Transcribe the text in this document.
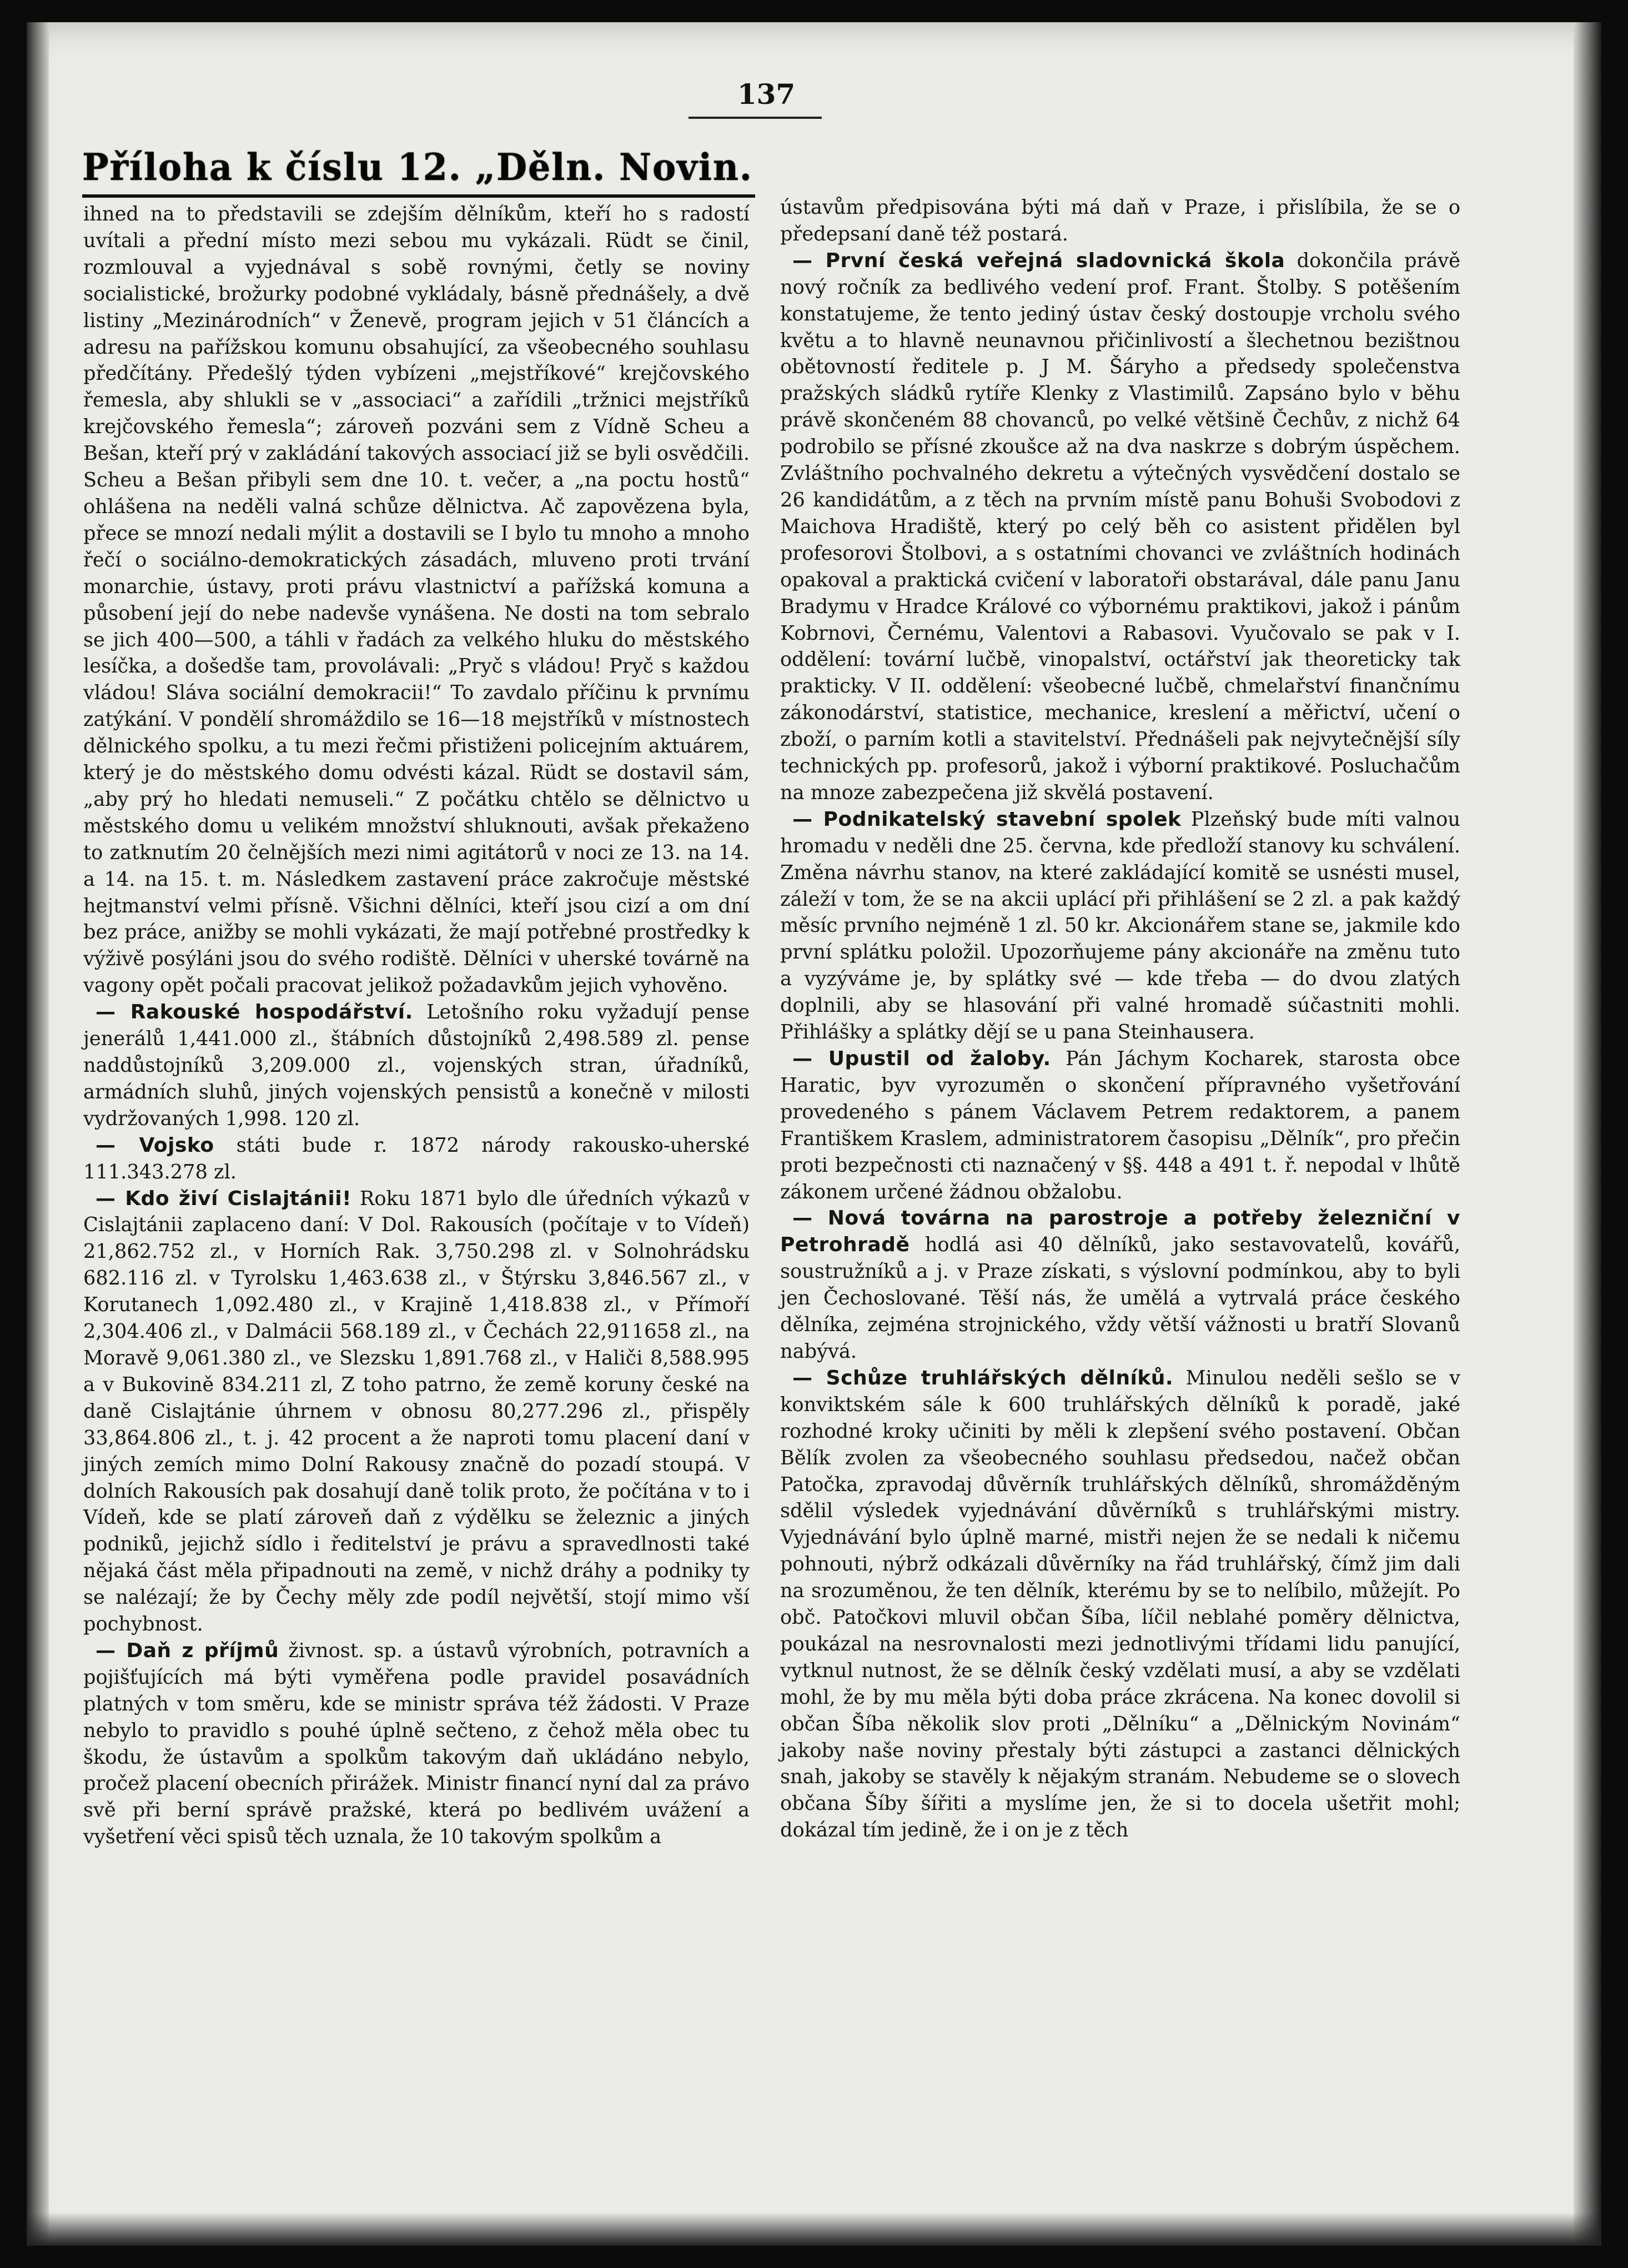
137
Příloha k číslu 12. „Děln. Novin.

ihned na to představili se zdejším dělníkům, kteří ho s radostí uvítali a přední místo mezi sebou mu vykázali. Rüdt se činil, rozmlouval a vyjednával s sobě rovnými, četly se noviny socialistické, brožurky podobné vykládaly, básně přednášely, a dvě listiny „Mezinárodních“ v Ženevě, program jejich v 51 článcích a adresu na pařížskou komunu obsahující, za všeobecného souhlasu předčítány. Předešlý týden vybízeni „mejstříkové“ krejčovského řemesla, aby shlukli se v „associaci“ a zařídili „tržnici mejstříků krejčovského řemesla“; zároveň pozváni sem z Vídně Scheu a Bešan, kteří prý v zakládání takových associací již se byli osvědčili. Scheu a Bešan přibyli sem dne 10. t. večer, a „na poctu hostů“ ohlášena na neděli valná schůze dělnictva. Ač zapovězena byla, přece se mnozí nedali mýlit a dostavili se I bylo tu mnoho a mnoho řečí o sociálno-demokratických zásadách, mluveno proti trvání monarchie, ústavy, proti právu vlastnictví a pařížská komuna a působení její do nebe nadevše vynášena. Ne dosti na tom sebralo se jich 400—500, a táhli v řadách za velkého hluku do městského lesíčka, a došedše tam, provolávali: „Pryč s vládou! Pryč s každou vládou! Sláva sociální demokracii!“ To zavdalo příčinu k prvnímu zatýkání. V pondělí shromáždilo se 16—18 mejstříků v místnostech dělnického spolku, a tu mezi řečmi přistiženi policejním aktuárem, který je do městského domu odvésti kázal. Rüdt se dostavil sám, „aby prý ho hledati nemuseli.“ Z počátku chtělo se dělnictvo u městského domu u velikém množství shluknouti, avšak překaženo to zatknutím 20 čelnějších mezi nimi agitátorů v noci ze 13. na 14. a 14. na 15. t. m. Následkem zastavení práce zakročuje městské hejtmanství velmi přísně. Všichni dělníci, kteří jsou cizí a om dní bez práce, anižby se mohli vykázati, že mají potřebné prostředky k výživě posýláni jsou do svého rodiště. Dělníci v uherské továrně na vagony opět počali pracovat jelikož požadavkům jejich vyhověno.

— Rakouské hospodářství. Letošního roku vyžadují pense jenerálů 1,441.000 zl., štábních důstojníků 2,498.589 zl. pense naddůstojníků 3,209.000 zl., vojenských stran, úřadníků, armádních sluhů, jiných vojenských pensistů a konečně v milosti vydržovaných 1,998. 120 zl.

— Vojsko státi bude r. 1872 národy rakousko-uherské 111.343.278 zl.

— Kdo živí Cislajtánii! Roku 1871 bylo dle úředních výkazů v Cislajtánii zaplaceno daní: V Dol. Rakousích (počítaje v to Vídeň) 21,862.752 zl., v Horních Rak. 3,750.298 zl. v Solnohrádsku 682.116 zl. v Tyrolsku 1,463.638 zl., v Štýrsku 3,846.567 zl., v Korutanech 1,092.480 zl., v Krajině 1,418.838 zl., v Přímoří 2,304.406 zl., v Dalmácii 568.189 zl., v Čechách 22,911658 zl., na Moravě 9,061.380 zl., ve Slezsku 1,891.768 zl., v Haliči 8,588.995 a v Bukovině 834.211 zl, Z toho patrno, že země koruny české na daně Cislajtánie úhrnem v obnosu 80,277.296 zl., přispěly 33,864.806 zl., t. j. 42 procent a že naproti tomu placení daní v jiných zemích mimo Dolní Rakousy značně do pozadí stoupá. V dolních Rakousích pak dosahují daně tolik proto, že počítána v to i Vídeň, kde se platí zároveň daň z výdělku se železnic a jiných podniků, jejichž sídlo i ředitelství je právu a spravedlnosti také nějaká část měla připadnouti na země, v nichž dráhy a podniky ty se nalézají; že by Čechy měly zde podíl největší, stojí mimo vší pochybnost.

— Daň z příjmů živnost. sp. a ústavů výrobních, potravních a pojišťujících má býti vyměřena podle pravidel posavádních platných v tom směru, kde se ministr správa též žádosti. V Praze nebylo to pravidlo s pouhé úplně sečteno, z čehož měla obec tu škodu, že ústavům a spolkům takovým daň ukládáno nebylo, pročež placení obecních přirážek. Ministr financí nyní dal za právo svě při berní správě pražské, která po bedlivém uvážení a vyšetření věci spisů těch uznala, že 10 takovým spolkům a

ústavům předpisována býti má daň v Praze, i přislíbila, že se o předepsaní daně též postará.

— První česká veřejná sladovnická škola dokončila právě nový ročník za bedlivého vedení prof. Frant. Štolby. S potěšením konstatujeme, že tento jediný ústav český dostoupje vrcholu svého květu a to hlavně neunavnou přičinlivostí a šlechetnou bezištnou obětovností ředitele p. J M. Šáryho a předsedy společenstva pražských sládků rytíře Klenky z Vlastimilů. Zapsáno bylo v běhu právě skončeném 88 chovanců, po velké většině Čechův, z nichž 64 podrobilo se přísné zkoušce až na dva naskrze s dobrým úspěchem. Zvláštního pochvalného dekretu a výtečných vysvědčení dostalo se 26 kandidátům, a z těch na prvním místě panu Bohuši Svobodovi z Maichova Hradiště, který po celý běh co asistent přidělen byl profesorovi Štolbovi, a s ostatními chovanci ve zvláštních hodinách opakoval a praktická cvičení v laboratoři obstarával, dále panu Janu Bradymu v Hradce Králové co výbornému praktikovi, jakož i pánům Kobrnovi, Černému, Valentovi a Rabasovi. Vyučovalo se pak v I. oddělení: tovární lučbě, vinopalství, octářství jak theoreticky tak prakticky. V II. oddělení: všeobecné lučbě, chmelařství finančnímu zákonodárství, statistice, mechanice, kreslení a měřictví, učení o zboží, o parním kotli a stavitelství. Přednášeli pak nejvytečnější síly technických pp. profesorů, jakož i výborní praktikové. Posluchačům na mnoze zabezpečena již skvělá postavení.

— Podnikatelský stavební spolek Plzeňský bude míti valnou hromadu v neděli dne 25. června, kde předloží stanovy ku schválení. Změna návrhu stanov, na které zakládající komitě se usnésti musel, záleží v tom, že se na akcii uplácí při přihlášení se 2 zl. a pak každý měsíc prvního nejméně 1 zl. 50 kr. Akcionářem stane se, jakmile kdo první splátku položil. Upozorňujeme pány akcionáře na změnu tuto a vyzýváme je, by splátky své — kde třeba — do dvou zlatých doplnili, aby se hlasování při valné hromadě súčastniti mohli. Přihlášky a splátky dějí se u pana Steinhausera.

— Upustil od žaloby. Pán Jáchym Kocharek, starosta obce Haratic, byv vyrozuměn o skončení přípravného vyšetřování provedeného s pánem Václavem Petrem redaktorem, a panem Františkem Kraslem, administratorem časopisu „Dělník“, pro přečin proti bezpečnosti cti naznačený v §§. 448 a 491 t. ř. nepodal v lhůtě zákonem určené žádnou obžalobu.

— Nová továrna na parostroje a potřeby železniční v Petrohradě hodlá asi 40 dělníků, jako sestavovatelů, kovářů, soustružníků a j. v Praze získati, s výslovní podmínkou, aby to byli jen Čechoslované. Těší nás, že umělá a vytrvalá práce českého dělníka, zejména strojnického, vždy větší vážnosti u bratří Slovanů nabývá.

— Schůze truhlářských dělníků. Minulou neděli sešlo se v konviktském sále k 600 truhlářských dělníků k poradě, jaké rozhodné kroky učiniti by měli k zlepšení svého postavení. Občan Bělík zvolen za všeobecného souhlasu předsedou, načež občan Patočka, zpravodaj důvěrník truhlářských dělníků, shromážděným sdělil výsledek vyjednávání důvěrníků s truhlářskými mistry. Vyjednávání bylo úplně marné, mistři nejen že se nedali k ničemu pohnouti, nýbrž odkázali důvěrníky na řád truhlářský, čímž jim dali na srozuměnou, že ten dělník, kterému by se to nelíbilo, můžejít. Po obč. Patočkovi mluvil občan Šíba, líčil neblahé poměry dělnictva, poukázal na nesrovnalosti mezi jednotlivými třídami lidu panující, vytknul nutnost, že se dělník český vzdělati musí, a aby se vzdělati mohl, že by mu měla býti doba práce zkrácena. Na konec dovolil si občan Šíba několik slov proti „Dělníku“ a „Dělnickým Novinám“ jakoby naše noviny přestaly býti zástupci a zastanci dělnických snah, jakoby se stavěly k nějakým stranám. Nebudeme se o slovech občana Šíby šířiti a myslíme jen, že si to docela ušetřit mohl; dokázal tím jedině, že i on je z těch
